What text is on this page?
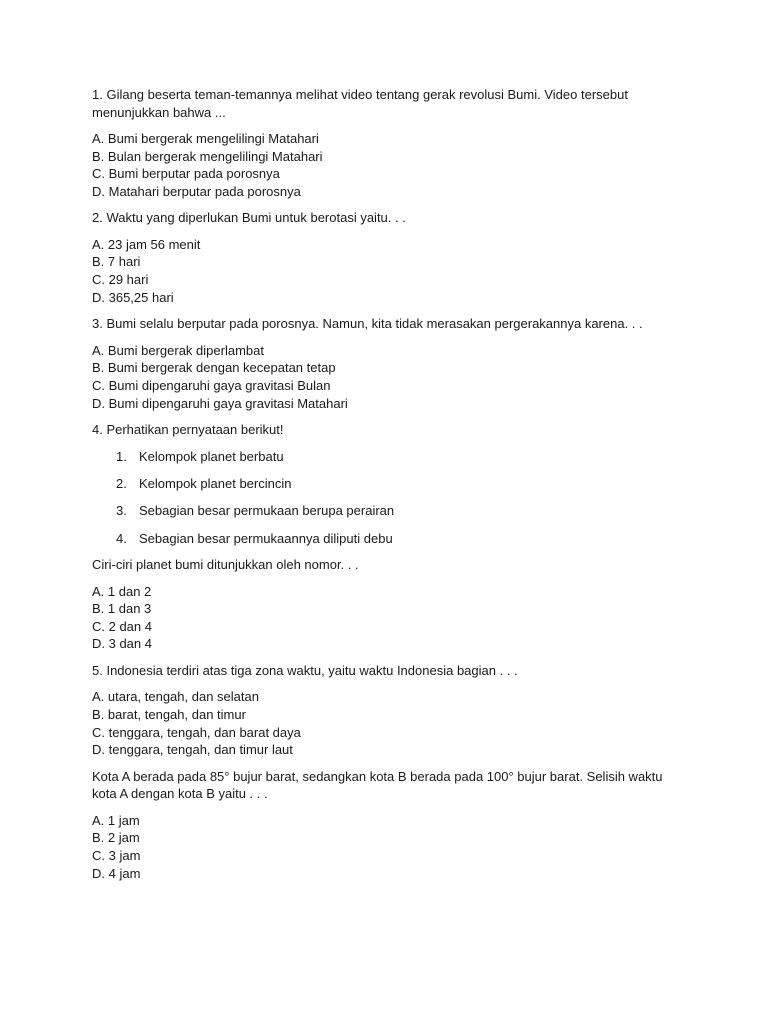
1. Gilang beserta teman-temannya melihat video tentang gerak revolusi Bumi. Video tersebut menunjukkan bahwa ...

A. Bumi bergerak mengelilingi Matahari
B. Bulan bergerak mengelilingi Matahari
C. Bumi berputar pada porosnya
D. Matahari berputar pada porosnya

2. Waktu yang diperlukan Bumi untuk berotasi yaitu. . .

A. 23 jam 56 menit
B. 7 hari
C. 29 hari
D. 365,25 hari

3. Bumi selalu berputar pada porosnya. Namun, kita tidak merasakan pergerakannya karena. . .

A. Bumi bergerak diperlambat
B. Bumi bergerak dengan kecepatan tetap
C. Bumi dipengaruhi gaya gravitasi Bulan
D. Bumi dipengaruhi gaya gravitasi Matahari

4. Perhatikan pernyataan berikut!

1. Kelompok planet berbatu
2. Kelompok planet bercincin
3. Sebagian besar permukaan berupa perairan
4. Sebagian besar permukaannya diliputi debu

Ciri-ciri planet bumi ditunjukkan oleh nomor. . .

A. 1 dan 2
B. 1 dan 3
C. 2 dan 4
D. 3 dan 4

5. Indonesia terdiri atas tiga zona waktu, yaitu waktu Indonesia bagian . . .

A. utara, tengah, dan selatan
B. barat, tengah, dan timur
C. tenggara, tengah, dan barat daya
D. tenggara, tengah, dan timur laut

Kota A berada pada 85° bujur barat, sedangkan kota B berada pada 100° bujur barat. Selisih waktu kota A dengan kota B yaitu . . .

A. 1 jam
B. 2 jam
C. 3 jam
D. 4 jam
